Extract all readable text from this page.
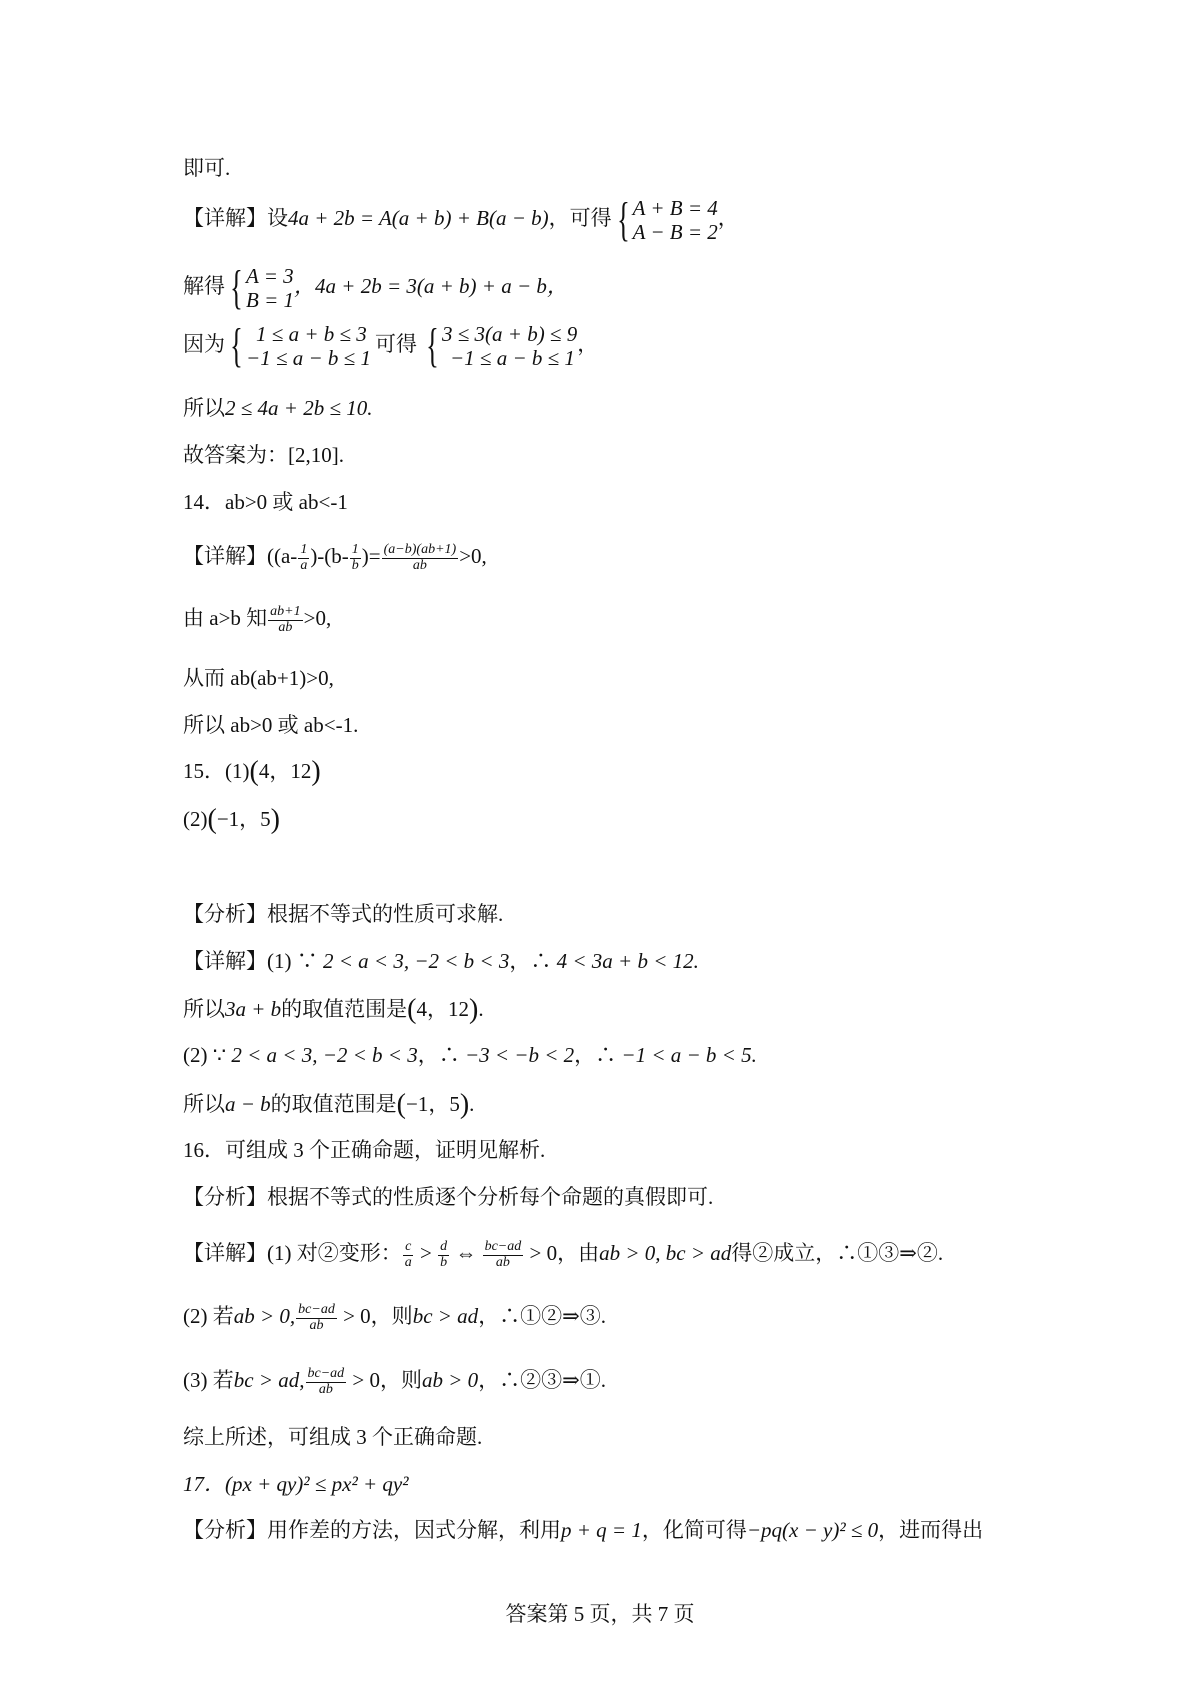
即可.
【详解】设4a + 2b = A(a + b) + B(a − b)，可得 { A + B = 4
A − B = 2
，
解得 { A = 3
B = 1
，4a + 2b = 3(a + b) + a − b，
因为 { 1 ≤ a + b ≤ 3
−1 ≤ a − b ≤ 1
可得 { 3 ≤ 3(a + b) ≤ 9
−1 ≤ a − b ≤ 1
，
所以2 ≤ 4a + 2b ≤ 10.
故答案为：[2,10].
14．ab>0 或 ab<-1
【详解】($(a- \frac{1}{a} )-(b- \frac{1}{b}$ )= $\frac{(a-b)(ab+1)}{ab} >0$,
由 a>b 知 $\frac{ab+1}{ab} >0$,
从而 ab(ab+1)>0,
所以 ab>0 或 ab<-1.
15．(1)(4，12)
(2)(−1，5)
【分析】根据不等式的性质可求解.
【详解】(1) ∵ 2 < a < 3, −2 < b < 3，∴ 4 < 3a + b < 12.
所以3a + b的取值范围是(4，12).
(2) ∵ 2 < a < 3, −2 < b < 3，∴ −3 < −b < 2，∴ −1 < a − b < 5.
所以a − b的取值范围是(−1，5).
16．可组成 3 个正确命题，证明见解析.
【分析】根据不等式的性质逐个分析每个命题的真假即可.
【详解】(1) 对②变形： $\frac{c}{a} > \frac{d}{b}$ ⇔ $\frac{bc-ad}{ab} > 0$，由ab > 0, bc > ad得②成立，∴①③⇒②.
(2) 若ab > 0, $\frac{bc-ad}{ab} > 0$，则bc > ad，∴①②⇒③.
(3) 若bc > ad, $\frac{bc-ad}{ab} > 0$，则ab > 0，∴②③⇒①.
综上所述，可组成 3 个正确命题.
17．(px + qy)² ≤ px² + qy²
【分析】用作差的方法，因式分解，利用p + q = 1，化简可得−pq(x − y)² ≤ 0，进而得出
答案第 5 页，共 7 页
